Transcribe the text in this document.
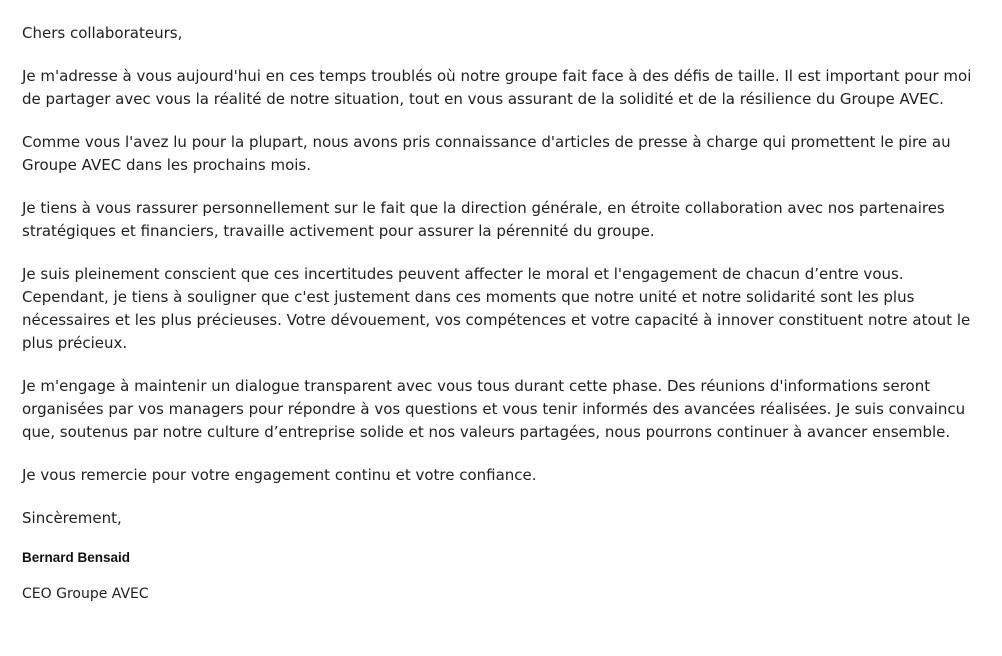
Chers collaborateurs,

Je m'adresse à vous aujourd'hui en ces temps troublés où notre groupe fait face à des défis de taille. Il est important pour moi de partager avec vous la réalité de notre situation, tout en vous assurant de la solidité et de la résilience du Groupe AVEC.

Comme vous l'avez lu pour la plupart, nous avons pris connaissance d'articles de presse à charge qui promettent le pire au Groupe AVEC dans les prochains mois.

Je tiens à vous rassurer personnellement sur le fait que la direction générale, en étroite collaboration avec nos partenaires stratégiques et financiers, travaille activement pour assurer la pérennité du groupe.

Je suis pleinement conscient que ces incertitudes peuvent affecter le moral et l'engagement de chacun d’entre vous. Cependant, je tiens à souligner que c'est justement dans ces moments que notre unité et notre solidarité sont les plus nécessaires et les plus précieuses. Votre dévouement, vos compétences et votre capacité à innover constituent notre atout le plus précieux.

Je m'engage à maintenir un dialogue transparent avec vous tous durant cette phase. Des réunions d'informations seront organisées par vos managers pour répondre à vos questions et vous tenir informés des avancées réalisées. Je suis convaincu que, soutenus par notre culture d’entreprise solide et nos valeurs partagées, nous pourrons continuer à avancer ensemble.

Je vous remercie pour votre engagement continu et votre confiance.

Sincèrement,

Bernard Bensaid

CEO Groupe AVEC
